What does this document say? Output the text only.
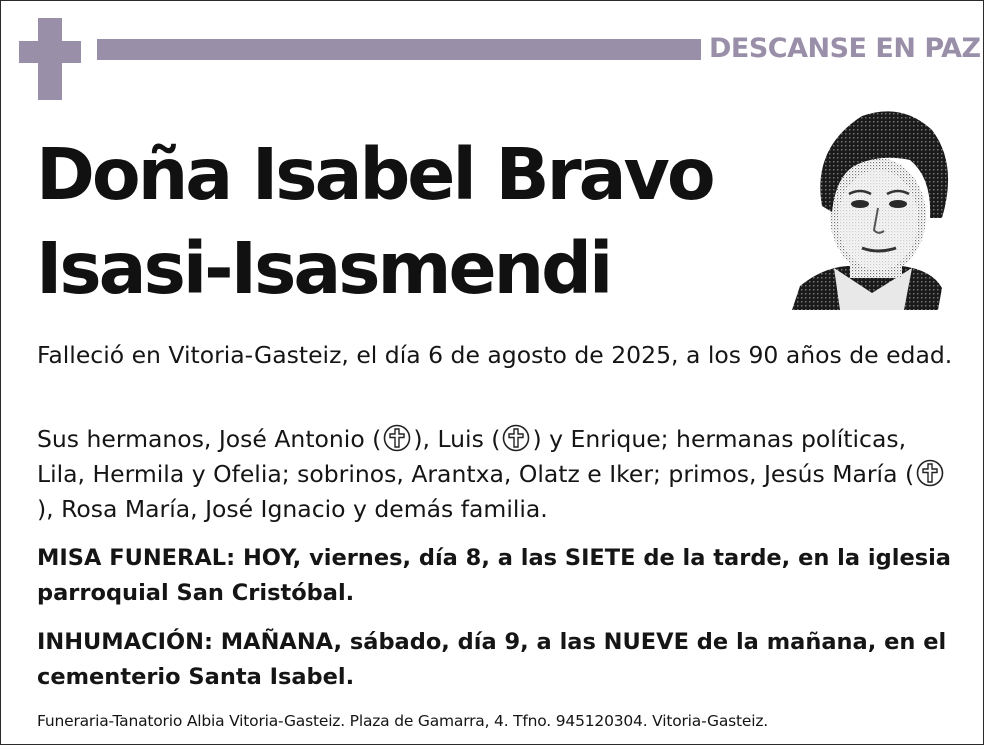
DESCANSE EN PAZ
Doña Isabel Bravo
Isasi-Isasmendi

Falleció en Vitoria-Gasteiz, el día 6 de agosto de 2025, a los 90 años de edad.

Sus hermanos, José Antonio ( ), Luis ( ) y Enrique; hermanas políticas, Lila, Hermila y Ofelia; sobrinos, Arantxa, Olatz e Iker; primos, Jesús María (), Rosa María, José Ignacio y demás familia.

MISA FUNERAL: HOY, viernes, día 8, a las SIETE de la tarde, en la iglesia parroquial San Cristóbal.

INHUMACIÓN: MAÑANA, sábado, día 9, a las NUEVE de la mañana, en el cementerio Santa Isabel.

Funeraria-Tanatorio Albia Vitoria-Gasteiz. Plaza de Gamarra, 4. Tfno. 945120304. Vitoria-Gasteiz.
